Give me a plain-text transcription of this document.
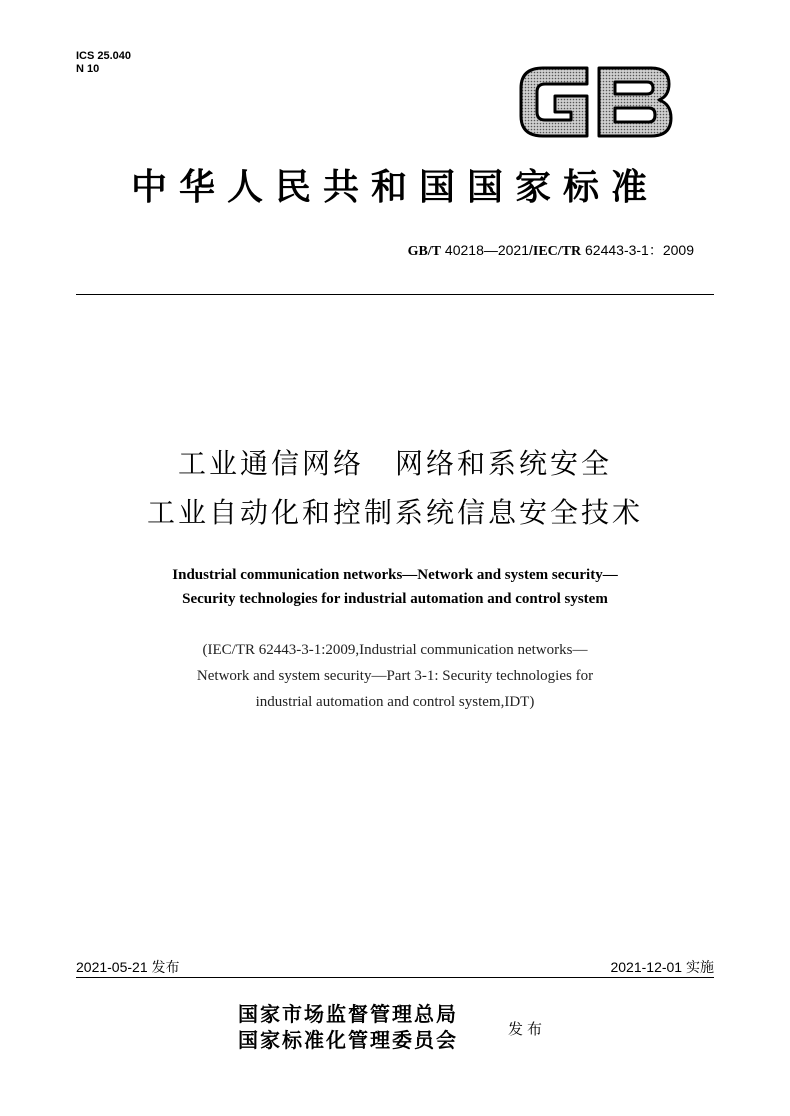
ICS 25.040
N 10
GB
中华人民共和国国家标准
GB/T 40218—2021/IEC/TR 62443-3-1：2009
工业通信网络　网络和系统安全
工业自动化和控制系统信息安全技术
Industrial communication networks—Network and system security—
Security technologies for industrial automation and control system
(IEC/TR 62443-3-1:2009,Industrial communication networks—
Network and system security—Part 3-1: Security technologies for
industrial automation and control system,IDT)
2021-05-21 发布	2021-12-01 实施
国家市场监督管理总局
国家标准化管理委员会	发布
